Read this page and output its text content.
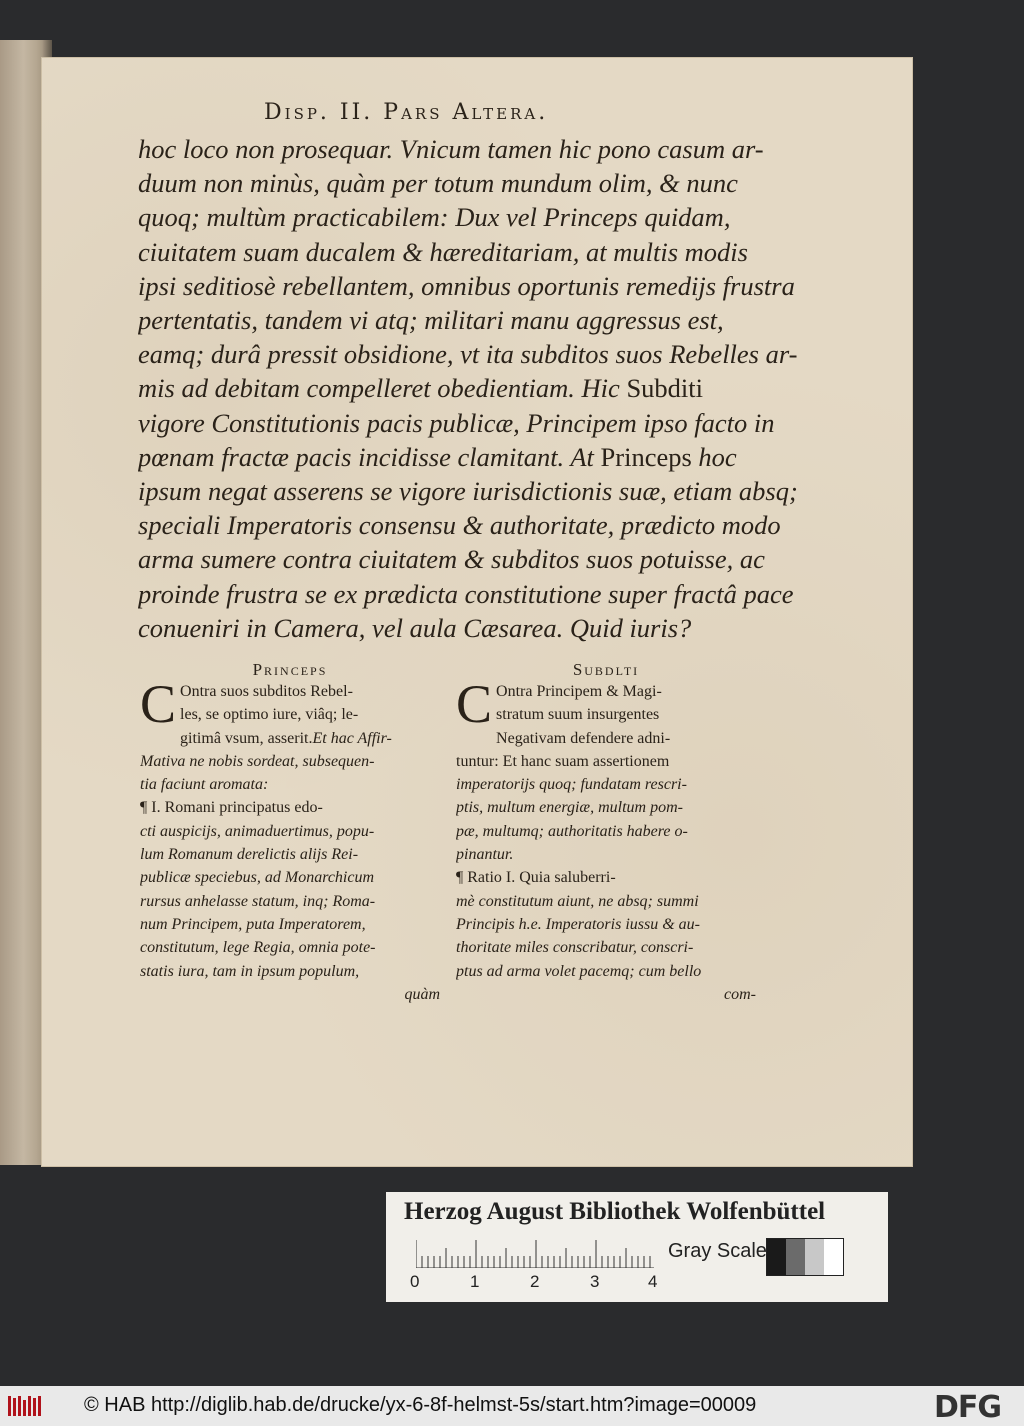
Disp. II. Pars Altera.
hoc loco non prosequar. Vnicum tamen hic pono casum ar-
duum non minùs, quàm per totum mundum olim, & nunc
quoq; multùm practicabilem: Dux vel Princeps quidam,
ciuitatem suam ducalem & hæreditariam, at multis modis
ipsi seditiosè rebellantem, omnibus oportunis remedijs frustra
pertentatis, tandem vi atq; militari manu aggressus est,
eamq; durâ pressit obsidione, vt ita subditos suos Rebelles ar-
mis ad debitam compelleret obedientiam. Hic Subditi
vigore Constitutionis pacis publicæ, Principem ipso facto in
pœnam fractæ pacis incidisse clamitant. At Princeps hoc
ipsum negat asserens se vigore iurisdictionis suæ, etiam absq;
speciali Imperatoris consensu & authoritate, prædicto modo
arma sumere contra ciuitatem & subditos suos potuisse, ac
proinde frustra se ex prædicta constitutione super fractâ pace
conueniri in Camera, vel aula Cæsarea. Quid iuris?
Princeps
C Ontra suos subditos Rebel-
les, se optimo iure, viâq; le-
gitimâ vsum, asserit.Et hac Affir-
Mativa ne nobis sordeat, subsequen-
tia faciunt aromata:
¶ I. Romani principatus edo-
cti auspicijs, animaduertimus, popu-
lum Romanum derelictis alijs Rei-
publicæ speciebus, ad Monarchicum
rursus anhelasse statum, inq; Roma-
num Principem, puta Imperatorem,
constitutum, lege Regia, omnia pote-
statis iura, tam in ipsum populum,
quàm
Subdlti
C Ontra Principem & Magi-
stratum suum insurgentes
Negativam defendere adni-
tuntur: Et hanc suam assertionem
imperatorijs quoq; fundatam rescri-
ptis, multum energiæ, multum pom-
pæ, multumq; authoritatis habere o-
pinantur.
¶ Ratio I. Quia saluberri-
mè constitutum aiunt, ne absq; summi
Principis h.e. Imperatoris iussu & au-
thoritate miles conscribatur, conscri-
ptus ad arma volet pacemq; cum bello
com-
Herzog August Bibliothek Wolfenbüttel
0	1	2	3	4
Gray Scale
© HAB http://diglib.hab.de/drucke/yx-6-8f-helmst-5s/start.htm?image=00009	DFG
